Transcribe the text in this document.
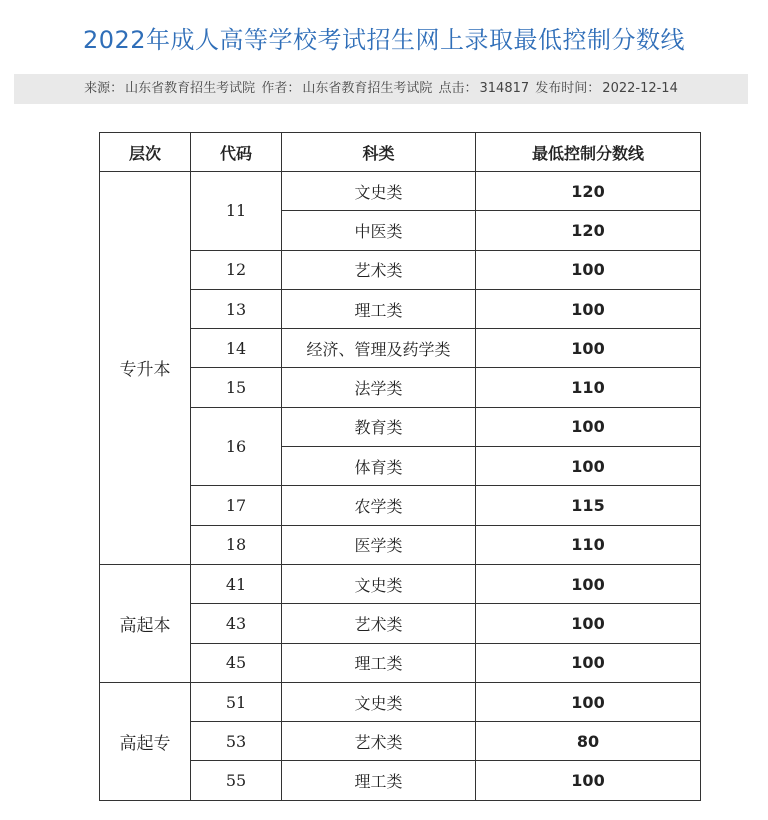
2022年成人高等学校考试招生网上录取最低控制分数线
来源： 山东省教育招生考试院 作者： 山东省教育招生考试院 点击： 314817 发布时间： 2022-12-14
层次	代码	科类	最低控制分数线
专升本	11	文史类	120
		中医类	120
	12	艺术类	100
	13	理工类	100
	14	经济、管理及药学类	100
	15	法学类	110
	16	教育类	100
		体育类	100
	17	农学类	115
	18	医学类	110
高起本	41	文史类	100
	43	艺术类	100
	45	理工类	100
高起专	51	文史类	100
	53	艺术类	80
	55	理工类	100
